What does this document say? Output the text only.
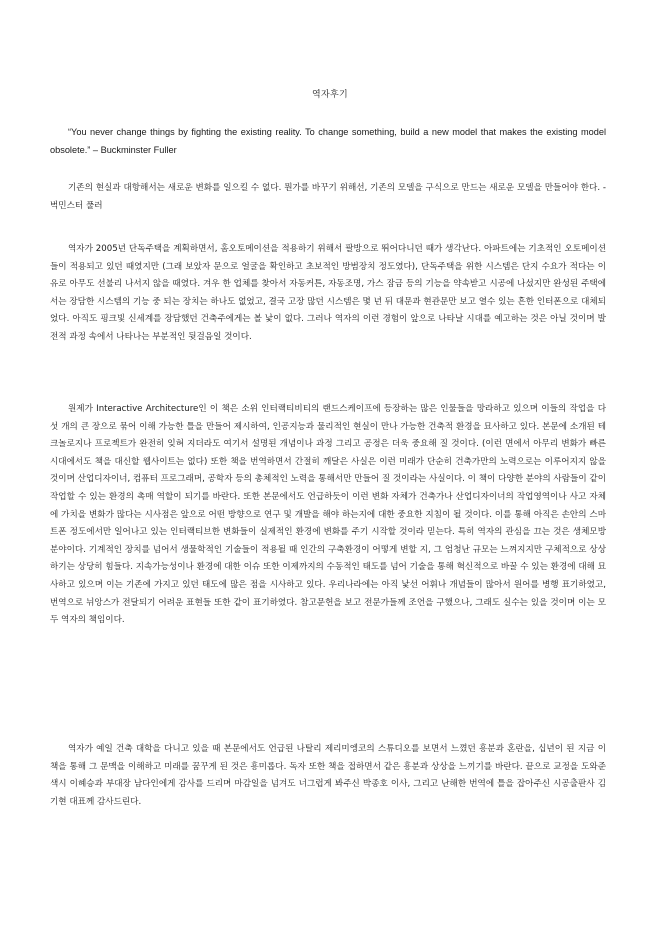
역자후기

“You never change things by fighting the existing reality. To change something, build a new model that makes the existing model obsolete.” – Buckminster Fuller

기존의 현실과 대항해서는 새로운 변화를 일으킬 수 없다. 뭔가를 바꾸기 위해선, 기존의 모델을 구식으로 만드는 새로운 모델을 만들어야 한다. - 벅민스터 풀러

역자가 2005년 단독주택을 계획하면서, 홈오토메이션을 적용하기 위해서 팔방으로 뛰어다니던 때가 생각난다. 아파트에는 기초적인 오토메이션들이 적용되고 있던 때였지만 (그래 보았자 문으로 얼굴을 확인하고 초보적인 방범장치 정도였다), 단독주택을 위한 시스템은 단지 수요가 적다는 이유로 아무도 선불리 나서지 않을 때였다. 겨우 한 업체를 찾아서 자동커튼, 자동조명, 가스 잠금 등의 기능을 약속받고 시공에 나섰지만 완성된 주택에서는 장담한 시스템의 기능 중 되는 장치는 하나도 없었고, 결국 고장 많던 시스템은 몇 년 뒤 대문과 현관문만 보고 열수 있는 흔한 인터폰으로 대체되었다. 아직도 핑크빛 신세계를 장담했던 건축주에게는 볼 낯이 없다. 그러나 역자의 이런 경험이 앞으로 나타날 시대를 예고하는 것은 아닐 것이며 발전적 과정 속에서 나타나는 부분적인 뒷걸음일 것이다.

원제가 Interactive Architecture인 이 책은 소위 인터랙티비티의 랜드스케이프에 등장하는 많은 인물들을 망라하고 있으며 이들의 작업을 다섯 개의 큰 장으로 묶어 이해 가능한 틀을 만들어 제시하여, 인공지능과 물리적인 현실이 만나 가능한 건축적 환경을 묘사하고 있다. 본문에 소개된 테크놀로지나 프로젝트가 완전히 잊혀 지더라도 여기서 설명된 개념이나 과정 그리고 공정은 더욱 중요해 질 것이다. (이런 면에서 아무리 변화가 빠른 시대에서도 책을 대신할 웹사이트는 없다) 또한 책을 번역하면서 간절히 깨달은 사실은 이런 미래가 단순히 건축가만의 노력으로는 이루어지지 않을 것이며 산업디자이너, 컴퓨터 프로그래머, 공학자 등의 총체적인 노력을 통해서만 만들어 질 것이라는 사실이다. 이 책이 다양한 분야의 사람들이 같이 작업할 수 있는 환경의 촉매 역할이 되기를 바란다. 또한 본문에서도 언급하듯이 이런 변화 자체가 건축가나 산업디자이너의 작업영역이나 사고 자체에 가치을 변화가 많다는 시사점은 앞으로 어떤 방향으로 연구 및 개발을 해야 하는지에 대한 중요한 지침이 될 것이다. 이를 통해 아직은 손안의 스마트폰 정도에서만 일어나고 있는 인터랙티브한 변화들이 실제적인 환경에 변화를 주기 시작할 것이라 믿는다. 특히 역자의 관심을 끄는 것은 생체모방 분야이다. 기계적인 장치를 넘어서 생물학적인 기술들이 적용될 때 인간의 구축환경이 어떻게 변할 지, 그 엄청난 규모는 느껴지지만 구체적으로 상상하기는 상당히 힘들다. 지속가능성이나 환경에 대한 이슈 또한 이제까지의 수동적인 태도를 넘어 기술을 통해 혁신적으로 바꿀 수 있는 환경에 대해 묘사하고 있으며 이는 기존에 가지고 있던 태도에 많은 점을 시사하고 있다. 우리나라에는 아직 낯선 어휘나 개념들이 많아서 원어를 병행 표기하였고, 번역으로 뉘앙스가 전달되기 어려운 표현들 또한 같이 표기하였다. 참고문헌을 보고 전문가들께 조언을 구했으나, 그래도 실수는 있을 것이며 이는 모두 역자의 책임이다.

역자가 예일 건축 대학을 다니고 있을 때 본문에서도 언급된 나탈리 제리미엥코의 스튜디오를 보면서 느꼈던 흥분과 혼란을, 십년이 된 지금 이 책을 통해 그 문맥을 이해하고 미래를 꿈꾸게 된 것은 흥미롭다. 독자 또한 책을 접하면서 같은 흥분과 상상을 느끼기를 바란다. 끝으로 교정을 도와준 색시 이혜승과 부대장 남다인에게 감사를 드리며 마감일을 넘겨도 너그럽게 봐주신 박종호 이사, 그리고 난해한 번역에 틀을 잡아주신 시공출판사 김기현 대표께 감사드린다.
